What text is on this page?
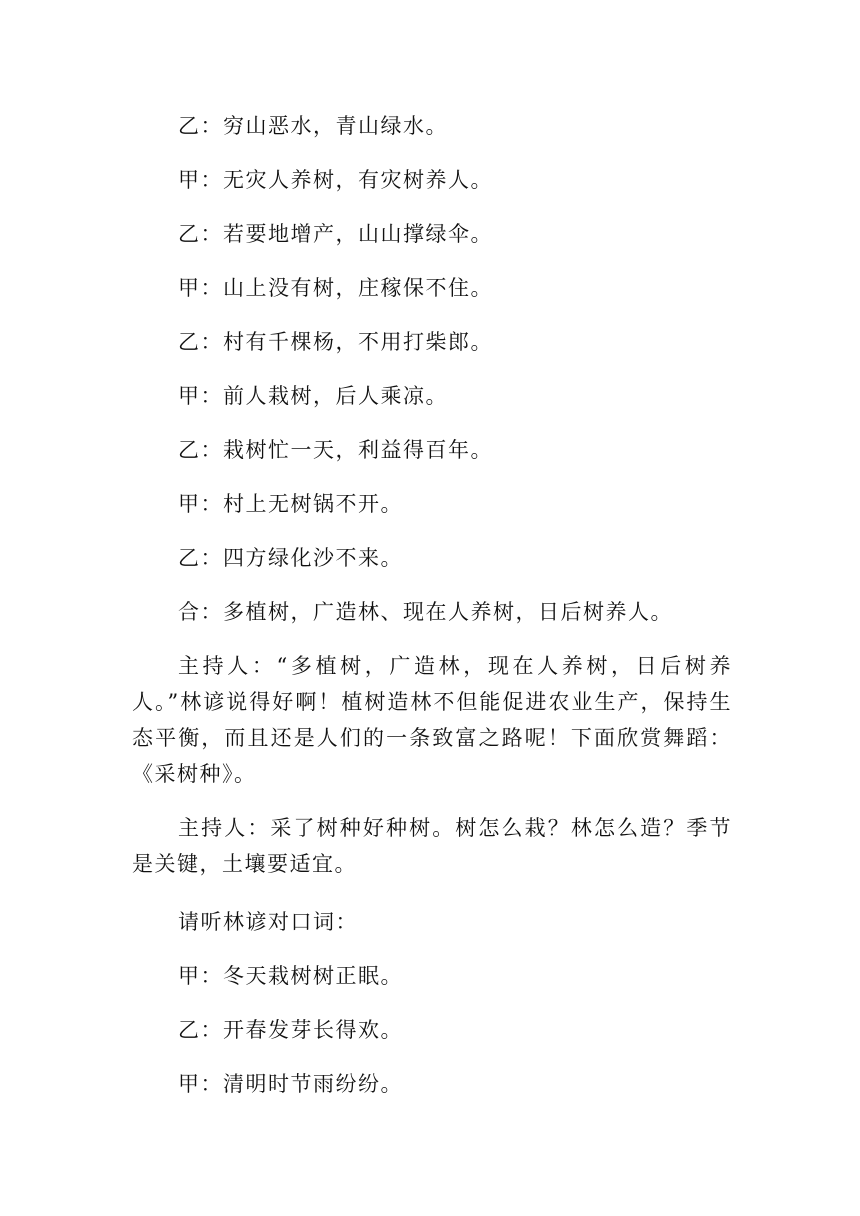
乙：穷山恶水，青山绿水。
甲：无灾人养树，有灾树养人。
乙：若要地增产，山山撑绿伞。
甲：山上没有树，庄稼保不住。
乙：村有千棵杨，不用打柴郎。
甲：前人栽树，后人乘凉。
乙：栽树忙一天，利益得百年。
甲：村上无树锅不开。
乙：四方绿化沙不来。
合：多植树，广造林、现在人养树，日后树养人。
主持人：“多植树，广造林，现在人养树，日后树养人。”林谚说得好啊！植树造林不但能促进农业生产，保持生态平衡，而且还是人们的一条致富之路呢！下面欣赏舞蹈：《采树种》。
主持人：采了树种好种树。树怎么栽？林怎么造？季节是关键，土壤要适宜。
请听林谚对口词：
甲：冬天栽树树正眠。
乙：开春发芽长得欢。
甲：清明时节雨纷纷。
